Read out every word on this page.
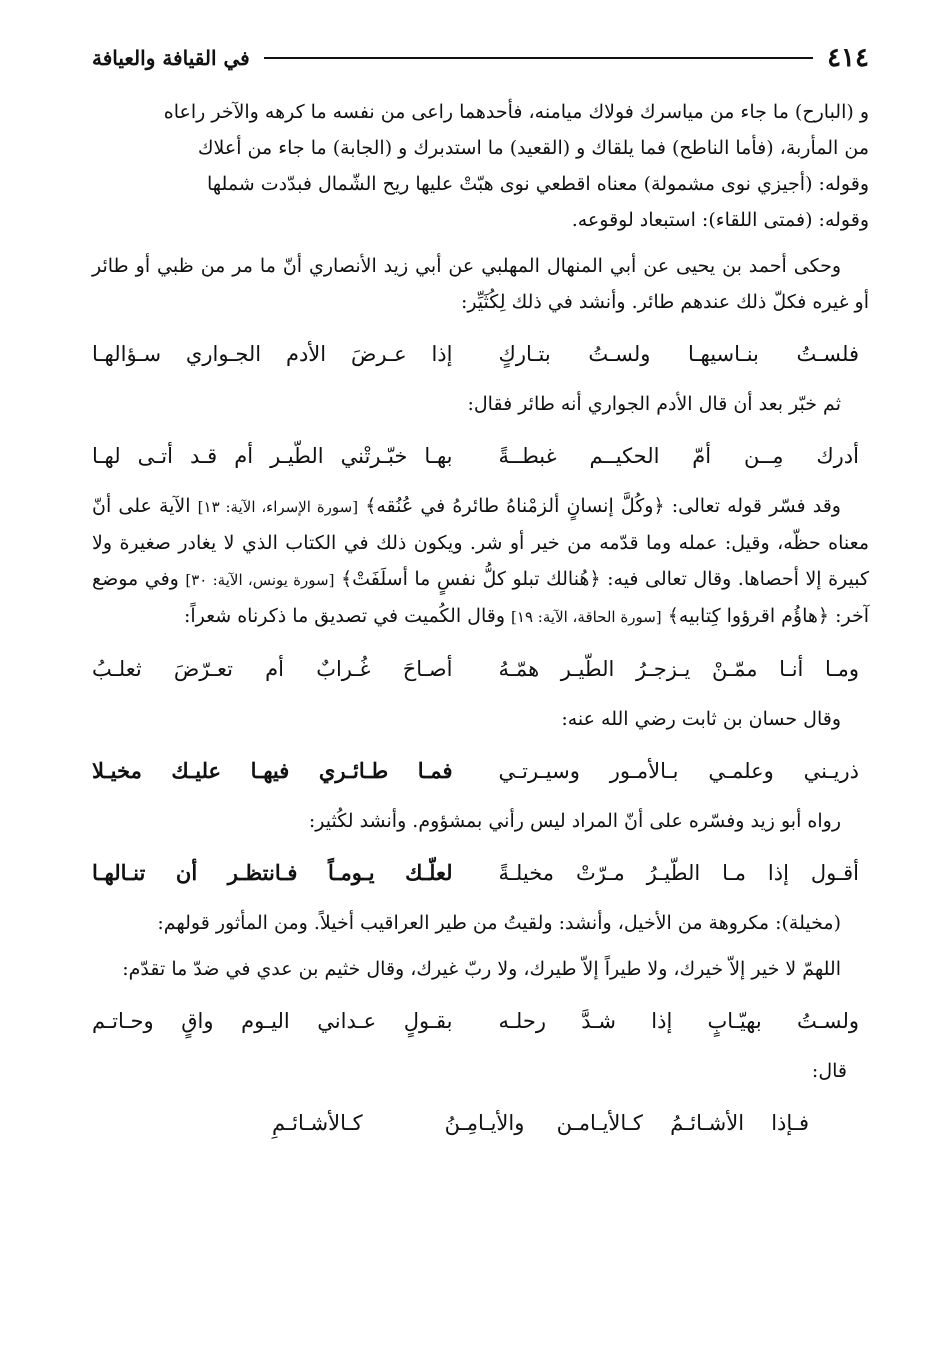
٤١٤
في القيافة والعيافة

و (البارح) ما جاء من مياسرك فولاك ميامنه، فأحدهما راعى من نفسه ما كرهه والآخر راعاه

من المأربة، (فأما الناطح) فما يلقاك و (القعيد) ما استدبرك و (الجابة) ما جاء من أعلاك

وقوله: (أجيزي نوى مشمولة) معناه اقطعي نوى هبّتْ عليها ريح الشّمال فبدّدت شملها

وقوله: (فمتى اللقاء): استبعاد لوقوعه.

وحكى أحمد بن يحيى عن أبي المنهال المهلبي عن أبي زيد الأنصاري أنّ ما مر من ظبي أو طائر أو غيره فكلّ ذلك عندهم طائر. وأنشد في ذلك لِكُثَيِّر:

فلسـتُ بنـاسيهـا ولسـتُ بتـاركٍ
إذا عـرضَ الأدم الجـواري سـؤالهـا

ثم خبّر بعد أن قال الأدم الجواري أنه طائر فقال:

أدرك مِــن أمّ الحكيــم غبطــةً
بهـا خبّـرتْني الطّيـر أم قـد أتـى لهـا

وقد فسّر قوله تعالى: ﴿وكُلَّ إنسانٍ ألزمْناهُ طائرهُ في عُنُقه﴾ [سورة الإسراء، الآية: ١٣] الآية على أنّ معناه حظّه، وقيل: عمله وما قدّمه من خير أو شر. ويكون ذلك في الكتاب الذي لا يغادر صغيرة ولا كبيرة إلا أحصاها. وقال تعالى فيه: ﴿هُنالك تبلو كلُّ نفسٍ ما أسلَفَتْ﴾ [سورة يونس، الآية: ٣٠] وفي موضع آخر: ﴿هاؤُم اقرؤوا كِتابيه﴾ [سورة الحاقة، الآية: ١٩] وقال الكُميت في تصديق ما ذكرناه شعراً:

ومـا أنـا ممّـنْ يـزجـرُ الطّيـر همّـهُ
أصـاحَ غُـرابٌ أم تعـرّضَ ثعلـبُ

وقال حسان بن ثابت رضي الله عنه:

ذريـني وعلمـي بـالأمـور وسيـرتـي
فمـا طـائـري فيهـا عليـك مخيـلا

رواه أبو زيد وفسّره على أنّ المراد ليس رأني بمشؤوم. وأنشد لكُثير:

أقـول إذا مـا الطّيـرُ مـرّتْ مخيلـةً
لعلّـك يـومـاً فـانتظـر أن تنـالهـا

(مخيلة): مكروهة من الأخيل، وأنشد: ولقيتُ من طير العراقيب أخيلاً. ومن المأثور قولهم:

اللهمّ لا خير إلاّ خيرك، ولا طيراً إلاّ طيرك، ولا ربّ غيرك، وقال خثيم بن عدي في ضدّ ما تقدّم:

ولسـتُ بهيّـابٍ إذا شـدَّ رحلـه
بقـولٍ عـداني اليـوم واقٍ وحـاتـم

قال:

فـإذا الأشـائـمُ كـالأيـامـن
والأيـامِـنُ كـالأشـائـمِ
